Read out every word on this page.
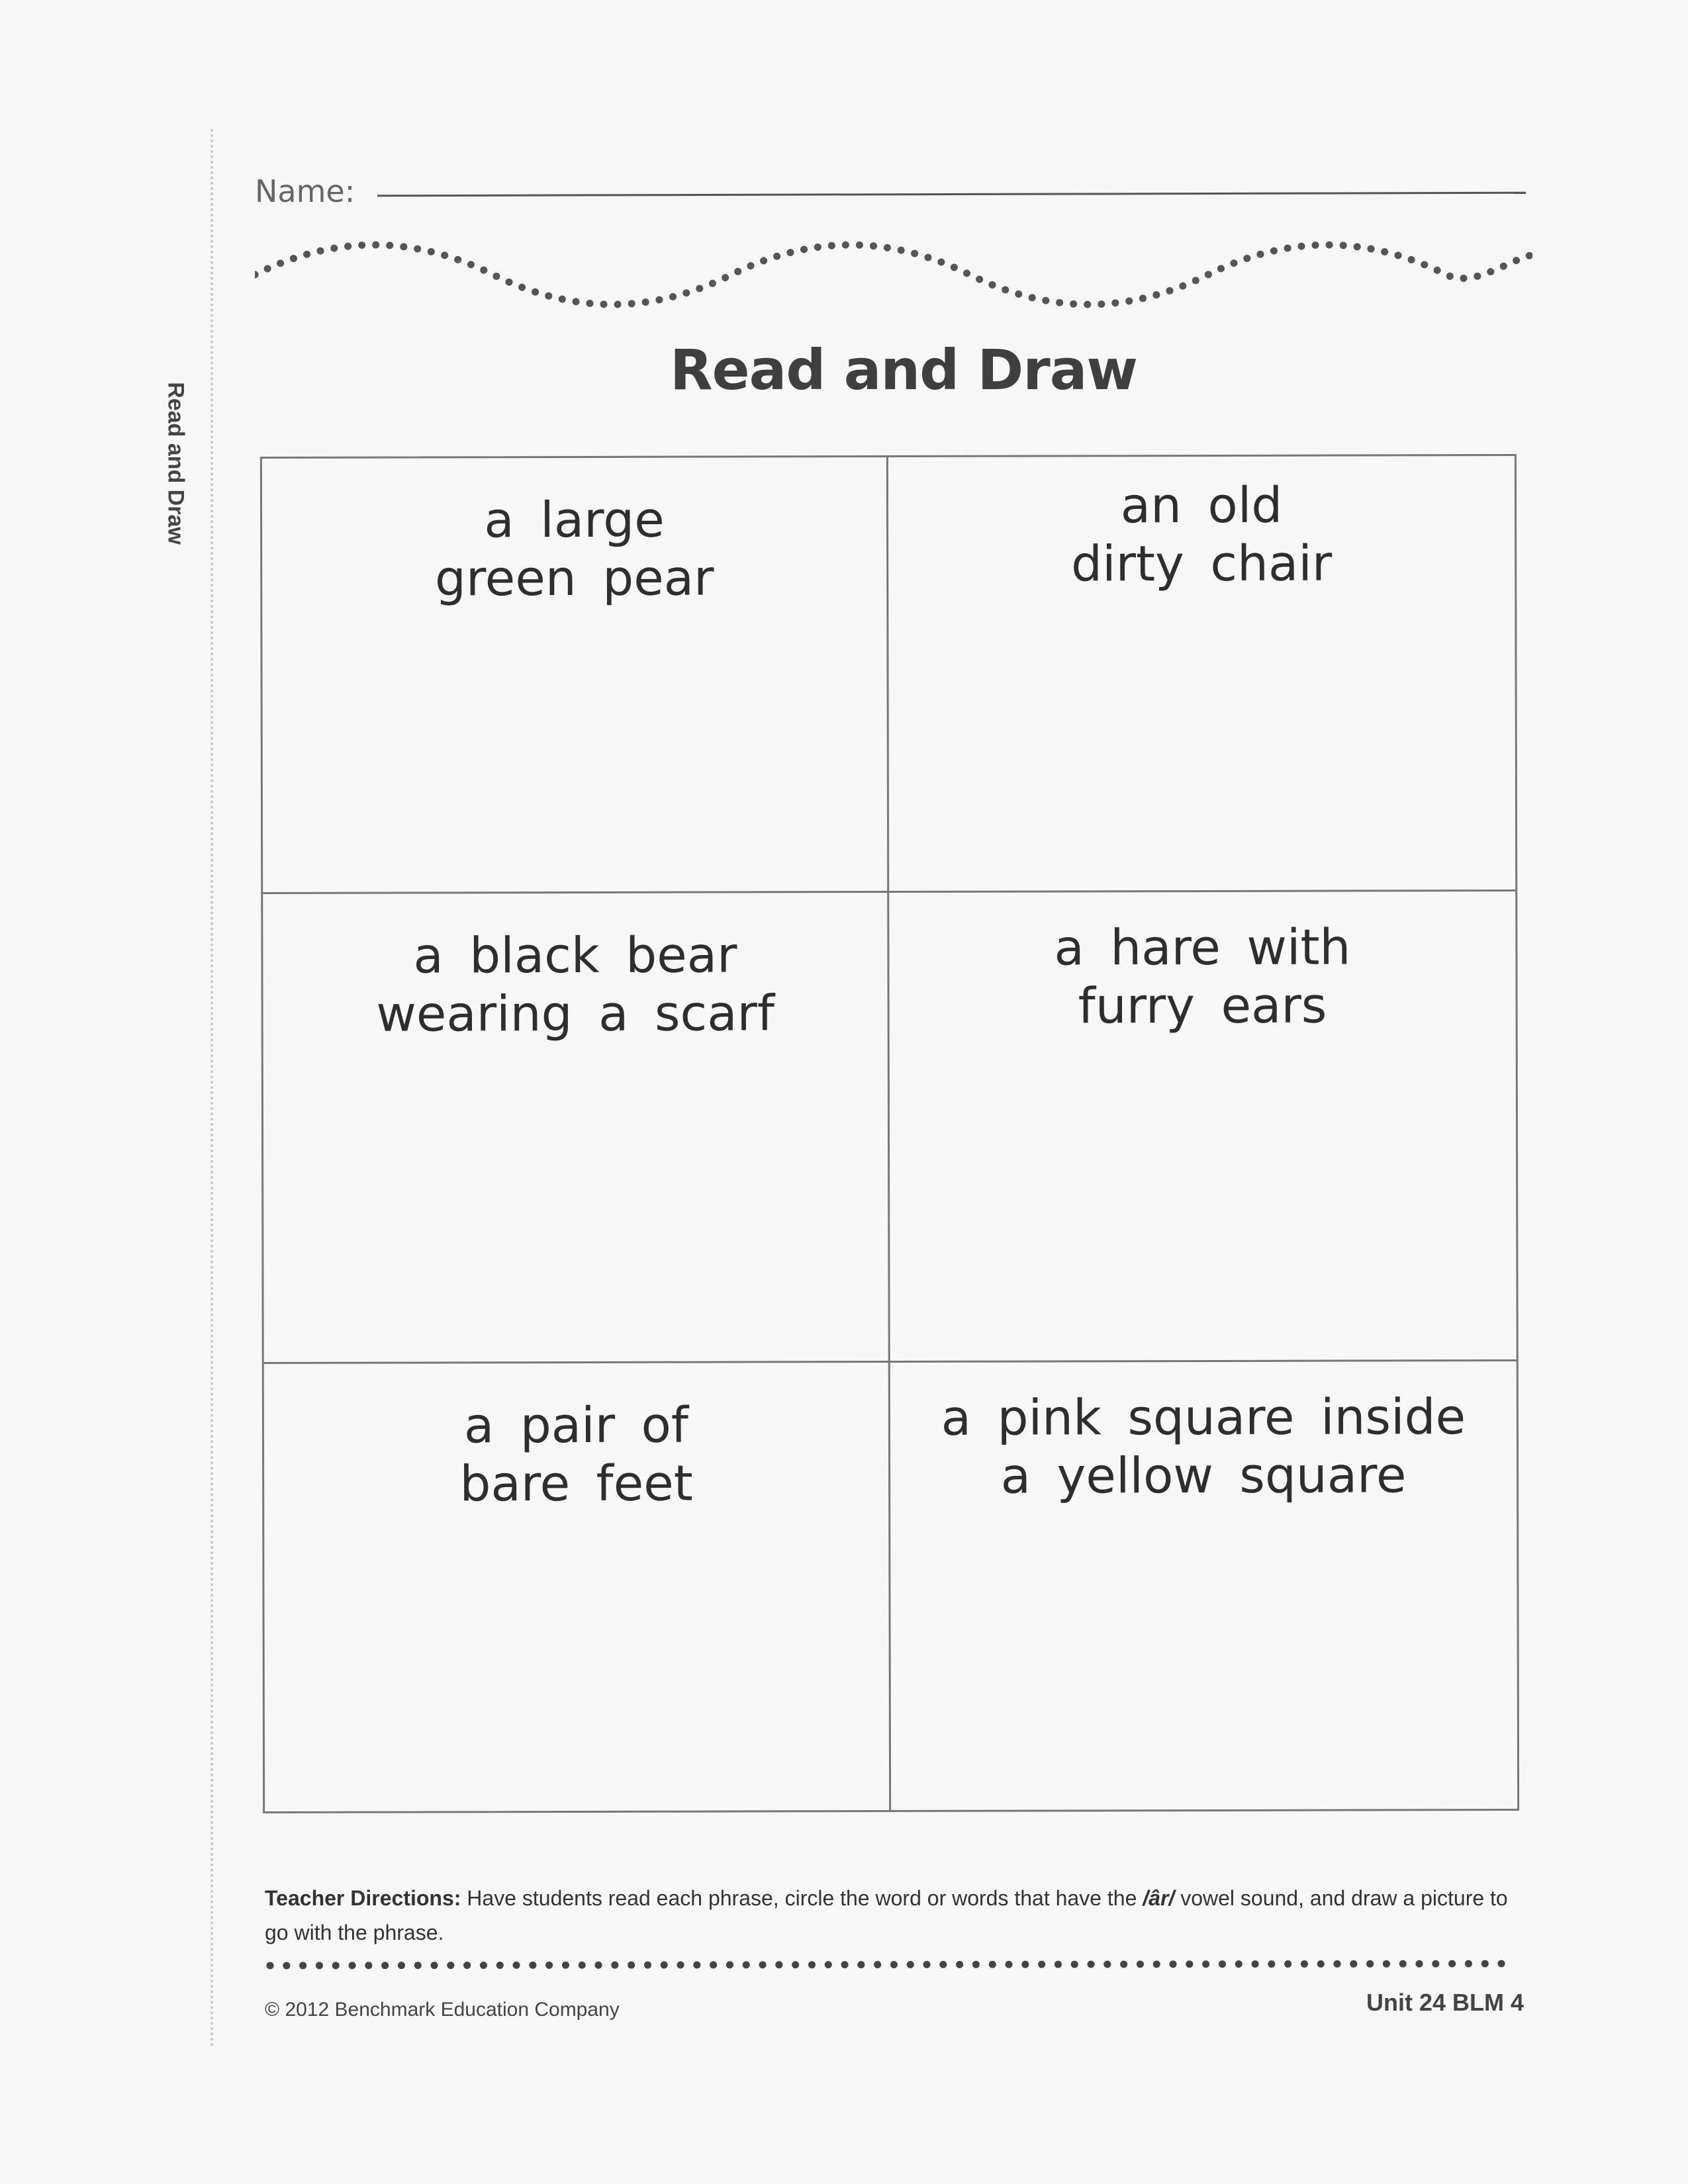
Read and Draw
Name:
Read and Draw
a large
green pear
an old
dirty chair
a black bear
wearing a scarf
a hare with
furry ears
a pair of
bare feet
a pink square inside
a yellow square
Teacher Directions: Have students read each phrase, circle the word or words that have the /âr/ vowel sound, and draw a picture to go with the phrase.
© 2012 Benchmark Education Company	Unit 24 BLM 4
